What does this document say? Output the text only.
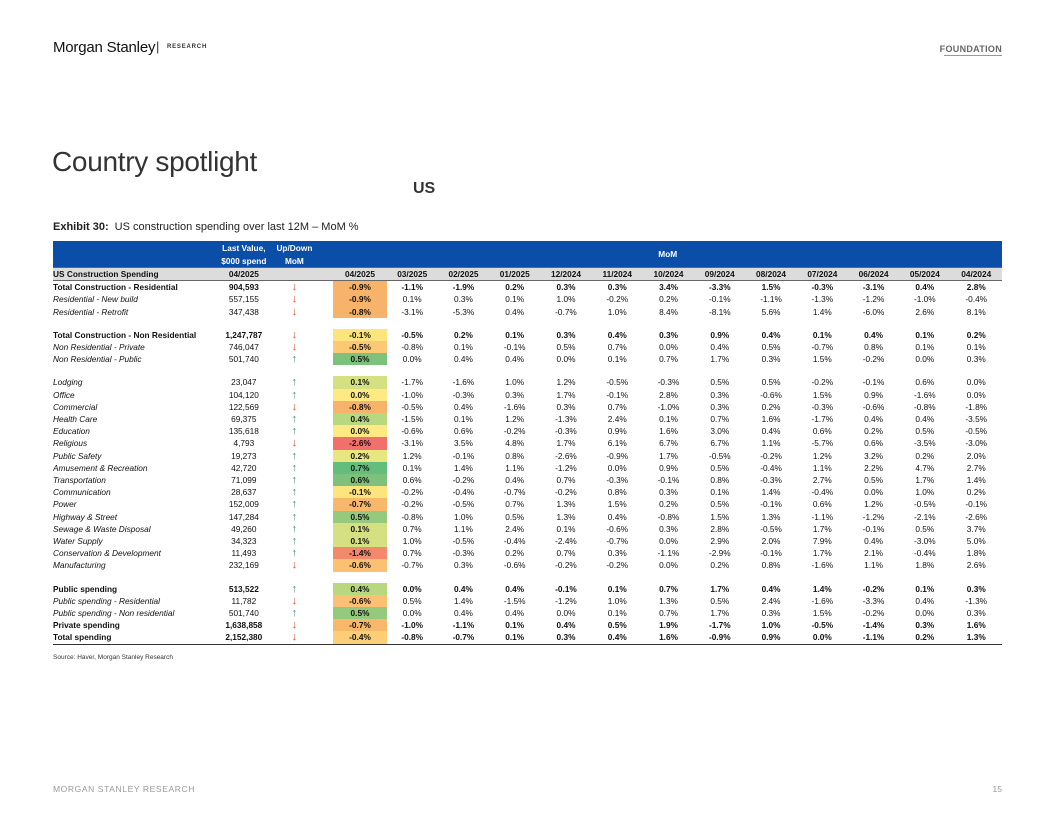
Morgan Stanley | RESEARCH	FOUNDATION
Country spotlight
US
Exhibit 30: US construction spending over last 12M – MoM %
	Last Value,	Up/Down		MoM												
	$000 spend	MoM														
US Construction Spending	04/2025			04/2025	03/2025	02/2025	01/2025	12/2024	11/2024	10/2024	09/2024	08/2024	07/2024	06/2024	05/2024	04/2024
Total Construction - Residential	904,593	↓		-0.9%	-1.1%	-1.9%	0.2%	0.3%	0.3%	3.4%	-3.3%	1.5%	-0.3%	-3.1%	0.4%	2.8%
Residential - New build	557,155	↓		-0.9%	0.1%	0.3%	0.1%	1.0%	-0.2%	0.2%	-0.1%	-1.1%	-1.3%	-1.2%	-1.0%	-0.4%
Residential - Retrofit	347,438	↓		-0.8%	-3.1%	-5.3%	0.4%	-0.7%	1.0%	8.4%	-8.1%	5.6%	1.4%	-6.0%	2.6%	8.1%

Total Construction - Non Residential	1,247,787	↓		-0.1%	-0.5%	0.2%	0.1%	0.3%	0.4%	0.3%	0.9%	0.4%	0.1%	0.4%	0.1%	0.2%
Non Residential - Private	746,047	↓		-0.5%	-0.8%	0.1%	-0.1%	0.5%	0.7%	0.0%	0.4%	0.5%	-0.7%	0.8%	0.1%	0.1%
Non Residential - Public	501,740	↑		0.5%	0.0%	0.4%	0.4%	0.0%	0.1%	0.7%	1.7%	0.3%	1.5%	-0.2%	0.0%	0.3%

Lodging	23,047	↑		0.1%	-1.7%	-1.6%	1.0%	1.2%	-0.5%	-0.3%	0.5%	0.5%	-0.2%	-0.1%	0.6%	0.0%
Office	104,120	↑		0.0%	-1.0%	-0.3%	0.3%	1.7%	-0.1%	2.8%	0.3%	-0.6%	1.5%	0.9%	-1.6%	0.0%
Commercial	122,569	↓		-0.8%	-0.5%	0.4%	-1.6%	0.3%	0.7%	-1.0%	0.3%	0.2%	-0.3%	-0.6%	-0.8%	-1.8%
Health Care	69,375	↑		0.4%	-1.5%	0.1%	1.2%	-1.3%	2.4%	0.1%	0.7%	1.6%	-1.7%	0.4%	0.4%	-3.5%
Education	135,618	↑		0.0%	-0.6%	0.6%	-0.2%	-0.3%	0.9%	1.6%	3.0%	0.4%	0.6%	0.2%	0.5%	-0.5%
Religious	4,793	↓		-2.6%	-3.1%	3.5%	4.8%	1.7%	6.1%	6.7%	6.7%	1.1%	-5.7%	0.6%	-3.5%	-3.0%
Public Safety	19,273	↑		0.2%	1.2%	-0.1%	0.8%	-2.6%	-0.9%	1.7%	-0.5%	-0.2%	1.2%	3.2%	0.2%	2.0%
Amusement & Recreation	42,720	↑		0.7%	0.1%	1.4%	1.1%	-1.2%	0.0%	0.9%	0.5%	-0.4%	1.1%	2.2%	4.7%	2.7%
Transportation	71,099	↑		0.6%	0.6%	-0.2%	0.4%	0.7%	-0.3%	-0.1%	0.8%	-0.3%	2.7%	0.5%	1.7%	1.4%
Communication	28,637	↑		-0.1%	-0.2%	-0.4%	-0.7%	-0.2%	0.8%	0.3%	0.1%	1.4%	-0.4%	0.0%	1.0%	0.2%
Power	152,009	↑		-0.7%	-0.2%	-0.5%	0.7%	1.3%	1.5%	0.2%	0.5%	-0.1%	0.6%	1.2%	-0.5%	-0.1%
Highway & Street	147,284	↑		0.5%	-0.8%	1.0%	0.5%	1.3%	0.4%	-0.8%	1.5%	1.3%	-1.1%	-1.2%	-2.1%	-2.6%
Sewage & Waste Disposal	49,260	↑		0.1%	0.7%	1.1%	2.4%	0.1%	-0.6%	0.3%	2.8%	-0.5%	1.7%	-0.1%	0.5%	3.7%
Water Supply	34,323	↑		0.1%	1.0%	-0.5%	-0.4%	-2.4%	-0.7%	0.0%	2.9%	2.0%	7.9%	0.4%	-3.0%	5.0%
Conservation & Development	11,493	↑		-1.4%	0.7%	-0.3%	0.2%	0.7%	0.3%	-1.1%	-2.9%	-0.1%	1.7%	2.1%	-0.4%	1.8%
Manufacturing	232,169	↓		-0.6%	-0.7%	0.3%	-0.6%	-0.2%	-0.2%	0.0%	0.2%	0.8%	-1.6%	1.1%	1.8%	2.6%

Public spending	513,522	↑		0.4%	0.0%	0.4%	0.4%	-0.1%	0.1%	0.7%	1.7%	0.4%	1.4%	-0.2%	0.1%	0.3%
Public spending - Residential	11,782	↓		-0.6%	0.5%	1.4%	-1.5%	-1.2%	1.0%	1.3%	0.5%	2.4%	-1.6%	-3.3%	0.4%	-1.3%
Public spending - Non residential	501,740	↑		0.5%	0.0%	0.4%	0.4%	0.0%	0.1%	0.7%	1.7%	0.3%	1.5%	-0.2%	0.0%	0.3%
Private spending	1,638,858	↓		-0.7%	-1.0%	-1.1%	0.1%	0.4%	0.5%	1.9%	-1.7%	1.0%	-0.5%	-1.4%	0.3%	1.6%
Total spending	2,152,380	↓		-0.4%	-0.8%	-0.7%	0.1%	0.3%	0.4%	1.6%	-0.9%	0.9%	0.0%	-1.1%	0.2%	1.3%
Source: Haver, Morgan Stanley Research
MORGAN STANLEY RESEARCH	15
